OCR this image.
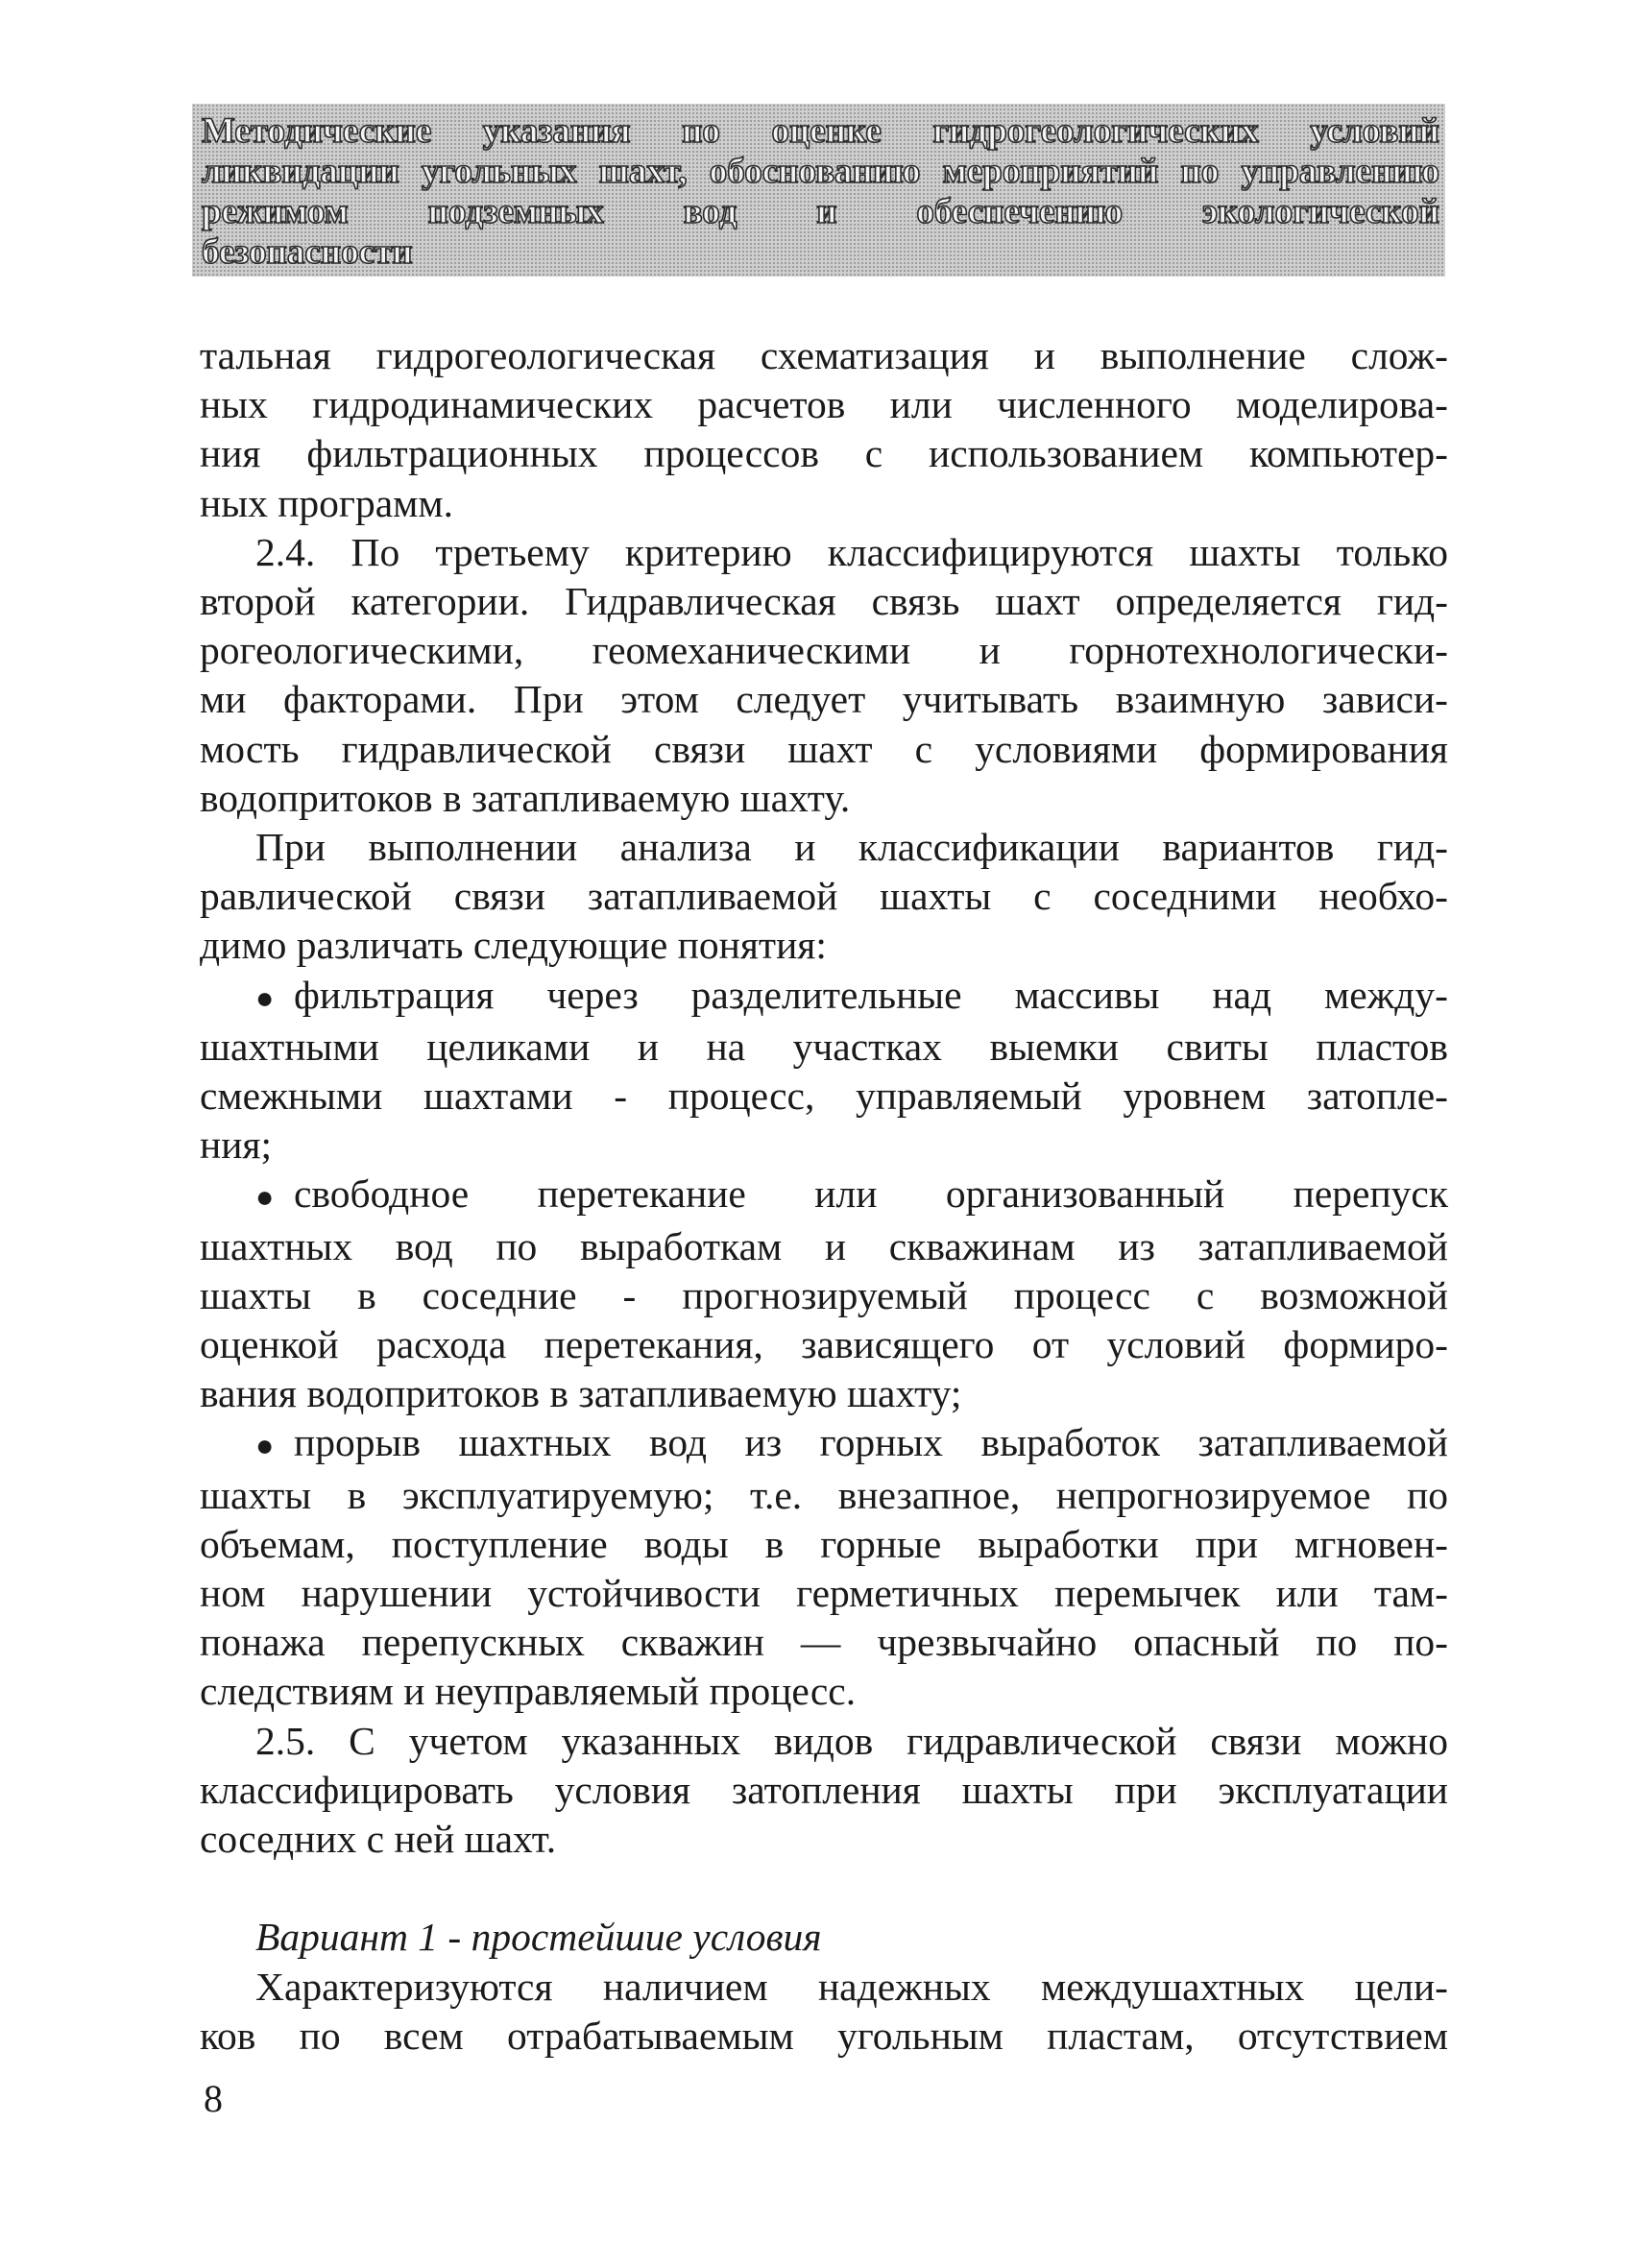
Методические указания по оценке гидрогеологических условий
ликвидации угольных шахт, обоснованию мероприятий по управлению
режимом подземных вод и обеспечению экологической
безопасности
тальная гидрогеологическая схематизация и выполнение слож-
ных гидродинамических расчетов или численного моделирова-
ния фильтрационных процессов с использованием компьютер-
ных программ.
2.4. По третьему критерию классифицируются шахты только
второй категории. Гидравлическая связь шахт определяется гид-
рогеологическими, геомеханическими и горнотехнологически-
ми факторами. При этом следует учитывать взаимную зависи-
мость гидравлической связи шахт с условиями формирования
водопритоков в затапливаемую шахту.
При выполнении анализа и классификации вариантов гид-
равлической связи затапливаемой шахты с соседними необхо-
димо различать следующие понятия:
● фильтрация через разделительные массивы над между-
шахтными целиками и на участках выемки свиты пластов
смежными шахтами - процесс, управляемый уровнем затопле-
ния;
● свободное перетекание или организованный перепуск
шахтных вод по выработкам и скважинам из затапливаемой
шахты в соседние - прогнозируемый процесс с возможной
оценкой расхода перетекания, зависящего от условий формиро-
вания водопритоков в затапливаемую шахту;
● прорыв шахтных вод из горных выработок затапливаемой
шахты в эксплуатируемую; т.е. внезапное, непрогнозируемое по
объемам, поступление воды в горные выработки при мгновен-
ном нарушении устойчивости герметичных перемычек или там-
понажа перепускных скважин — чрезвычайно опасный по по-
следствиям и неуправляемый процесс.
2.5. С учетом указанных видов гидравлической связи можно
классифицировать условия затопления шахты при эксплуатации
соседних с ней шахт.
Вариант 1 - простейшие условия
Характеризуются наличием надежных междушахтных цели-
ков по всем отрабатываемым угольным пластам, отсутствием
8
